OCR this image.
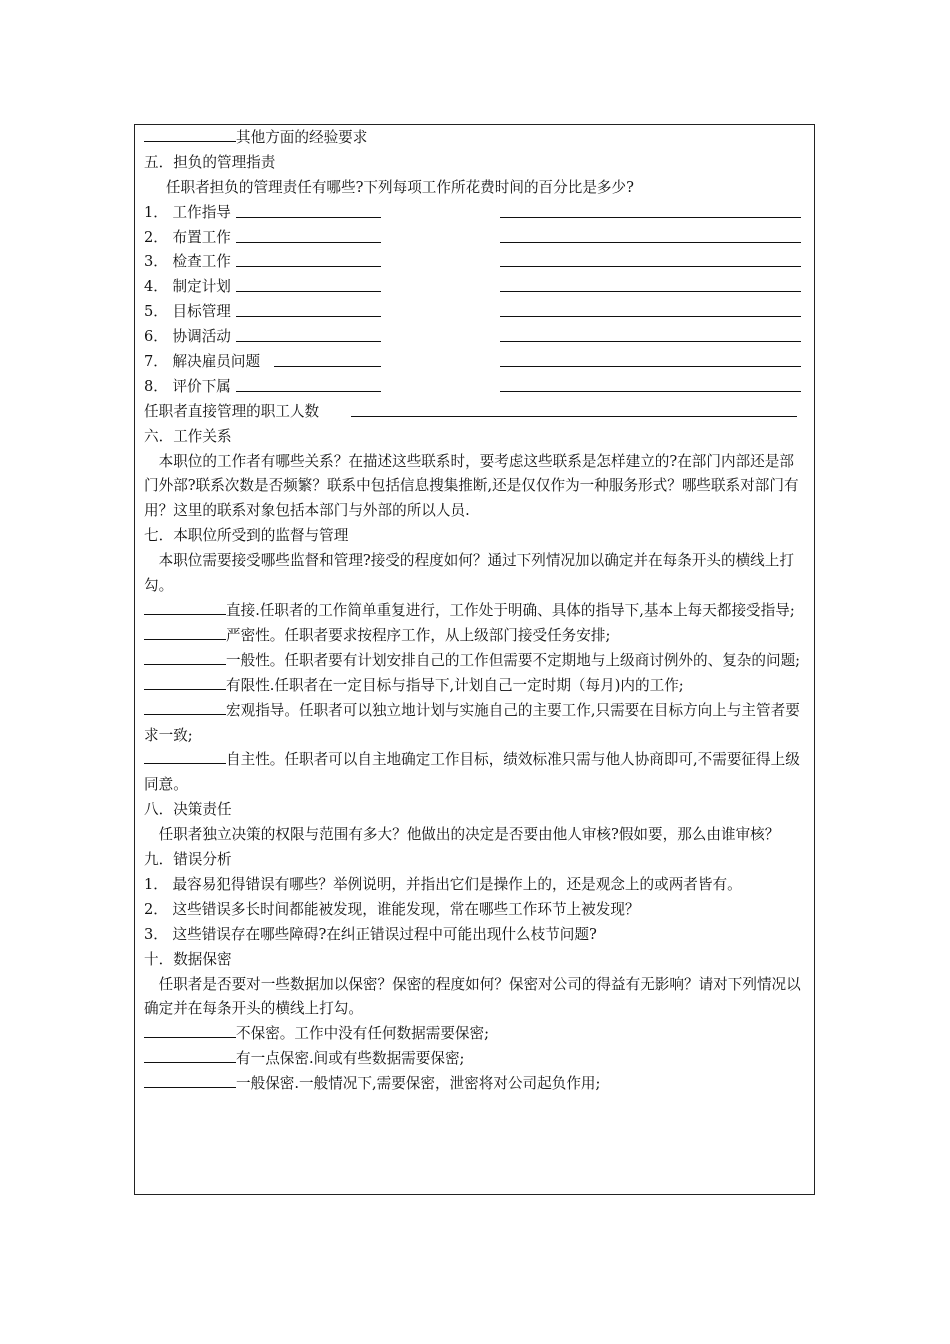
其他方面的经验要求
五．担负的管理指责
任职者担负的管理责任有哪些?下列每项工作所花费时间的百分比是多少?
1． 工作指导
2． 布置工作
3． 检查工作
4． 制定计划
5． 目标管理
6． 协调活动
7． 解决雇员问题
8． 评价下属
任职者直接管理的职工人数
六．工作关系
本职位的工作者有哪些关系？在描述这些联系时，要考虑这些联系是怎样建立的?在部门内部还是部门外部?联系次数是否频繁？联系中包括信息搜集推断,还是仅仅作为一种服务形式？哪些联系对部门有用？这里的联系对象包括本部门与外部的所以人员.
七．本职位所受到的监督与管理
本职位需要接受哪些监督和管理?接受的程度如何？通过下列情况加以确定并在每条开头的横线上打勾。
直接.任职者的工作简单重复进行，工作处于明确、具体的指导下,基本上每天都接受指导;
严密性。任职者要求按程序工作，从上级部门接受任务安排;
一般性。任职者要有计划安排自己的工作但需要不定期地与上级商讨例外的、复杂的问题;
有限性.任职者在一定目标与指导下,计划自己一定时期（每月)内的工作;
宏观指导。任职者可以独立地计划与实施自己的主要工作,只需要在目标方向上与主管者要求一致;
自主性。任职者可以自主地确定工作目标，绩效标准只需与他人协商即可,不需要征得上级同意。
八．决策责任
任职者独立决策的权限与范围有多大？他做出的决定是否要由他人审核?假如要，那么由谁审核？
九．错误分析
1． 最容易犯得错误有哪些？举例说明，并指出它们是操作上的，还是观念上的或两者皆有。
2． 这些错误多长时间都能被发现，谁能发现，常在哪些工作环节上被发现？
3． 这些错误存在哪些障碍?在纠正错误过程中可能出现什么枝节问题?
十．数据保密
任职者是否要对一些数据加以保密？保密的程度如何？保密对公司的得益有无影响？请对下列情况以确定并在每条开头的横线上打勾。
不保密。工作中没有任何数据需要保密;
有一点保密.间或有些数据需要保密;
一般保密.一般情况下,需要保密，泄密将对公司起负作用;
